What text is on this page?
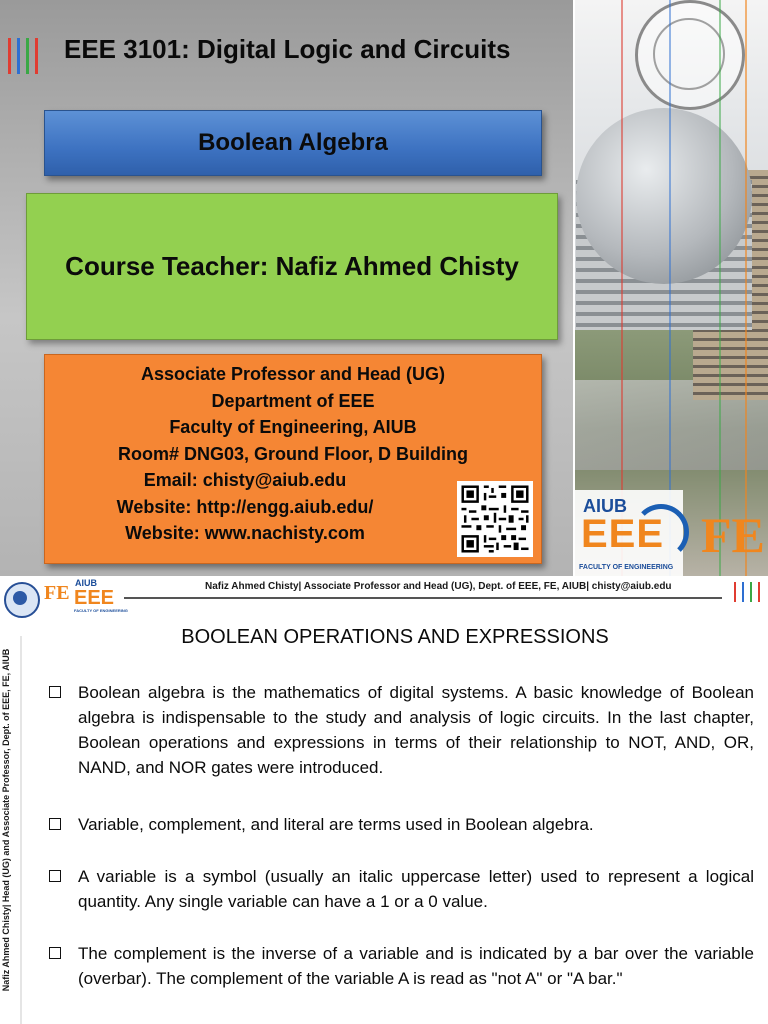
EEE 3101: Digital Logic and Circuits
Boolean Algebra
Course Teacher: Nafiz Ahmed Chisty
Associate Professor and Head (UG)
Department of EEE
Faculty of Engineering, AIUB
Room# DNG03, Ground Floor, D Building
Email: chisty@aiub.edu
Website: http://engg.aiub.edu/
Website: www.nachisty.com
AIUB
EEE
FACULTY OF ENGINEERING
FE
FE AIUB
EEE
FACULTY OF ENGINEERING
Nafiz Ahmed Chisty| Associate Professor and Head (UG), Dept. of EEE, FE, AIUB| chisty@aiub.edu
Nafiz Ahmed Chisty| Head (UG) and Associate Professor, Dept. of EEE, FE, AIUB
BOOLEAN OPERATIONS AND EXPRESSIONS
Boolean algebra is the mathematics of digital systems. A basic knowledge of Boolean algebra is indispensable to the study and analysis of logic circuits. In the last chapter, Boolean operations and expressions in terms of their relationship to NOT, AND, OR, NAND, and NOR gates were introduced.
Variable, complement, and literal are terms used in Boolean algebra.
A variable is a symbol (usually an italic uppercase letter) used to represent a logical quantity. Any single variable can have a 1 or a 0 value.
The complement is the inverse of a variable and is indicated by a bar over the variable (overbar). The complement of the variable A is read as "not A" or "A bar."
